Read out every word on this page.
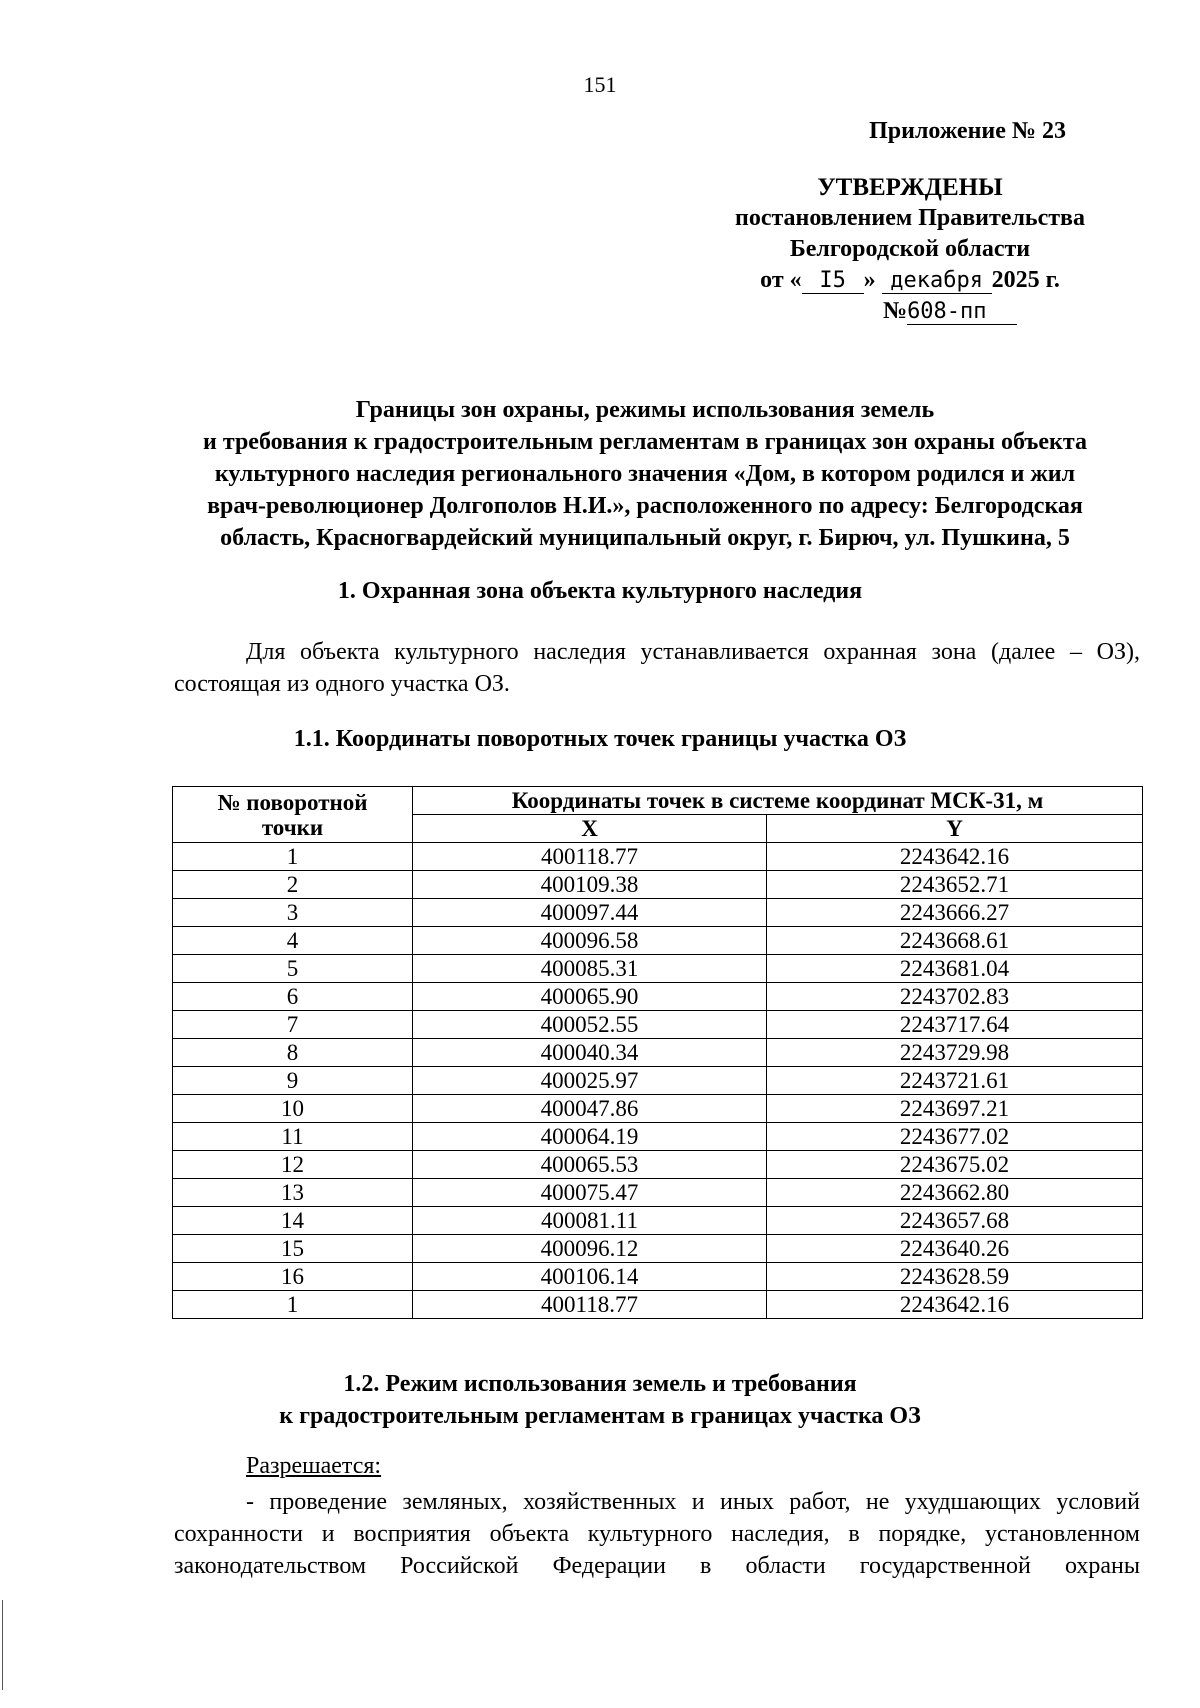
151
Приложение № 23
УТВЕРЖДЕНЫ
постановлением Правительства
Белгородской области
от « I5 » декабря 2025 г.
№608-пп
Границы зон охраны, режимы использования земель
и требования к градостроительным регламентам в границах зон охраны объекта
культурного наследия регионального значения «Дом, в котором родился и жил
врач-революционер Долгополов Н.И.», расположенного по адресу: Белгородская
область, Красногвардейский муниципальный округ, г. Бирюч, ул. Пушкина, 5
1. Охранная зона объекта культурного наследия
Для объекта культурного наследия устанавливается охранная зона (далее – ОЗ), состоящая из одного участка ОЗ.
1.1. Координаты поворотных точек границы участка ОЗ
№ поворотной
точки	Координаты точек в системе координат МСК-31, м	
	X	Y
1	400118.77	2243642.16
2	400109.38	2243652.71
3	400097.44	2243666.27
4	400096.58	2243668.61
5	400085.31	2243681.04
6	400065.90	2243702.83
7	400052.55	2243717.64
8	400040.34	2243729.98
9	400025.97	2243721.61
10	400047.86	2243697.21
11	400064.19	2243677.02
12	400065.53	2243675.02
13	400075.47	2243662.80
14	400081.11	2243657.68
15	400096.12	2243640.26
16	400106.14	2243628.59
1	400118.77	2243642.16
1.2. Режим использования земель и требования
к градостроительным регламентам в границах участка ОЗ
Разрешается:
- проведение земляных, хозяйственных и иных работ, не ухудшающих условий сохранности и восприятия объекта культурного наследия, в порядке, установленном законодательством Российской Федерации в области государственной охраны
